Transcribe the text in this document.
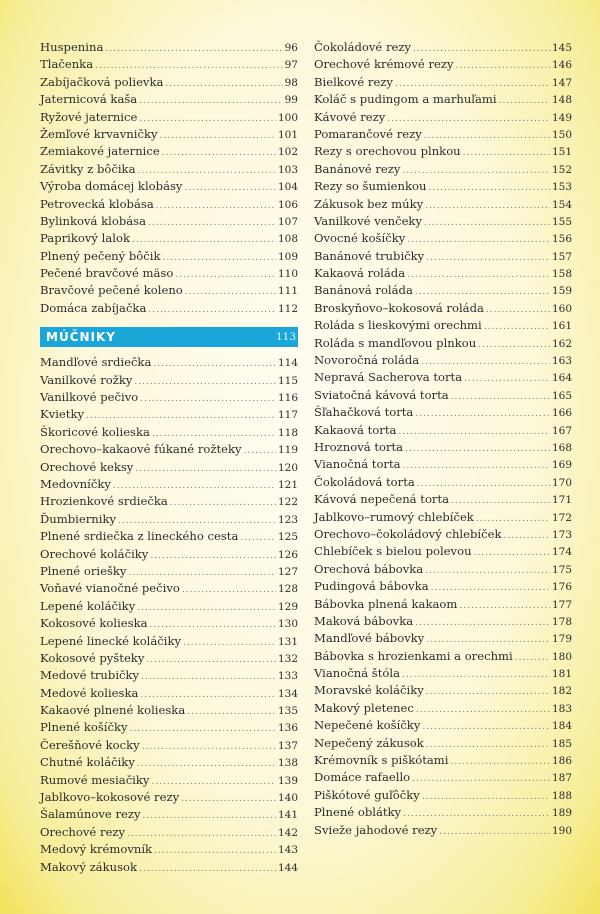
Huspenina .....	96
Tlačenka .....	97
Zabíjačková polievka .....	98
Jaternicová kaša .....	99
Ryžové jaternice .....	100
Žemľové krvavničky .....	101
Zemiakové jaternice .....	102
Závitky z bôčika .....	103
Výroba domácej klobásy .....	104
Petrovecká klobása .....	106
Bylinková klobása .....	107
Paprikový lalok .....	108
Plnený pečený bôčik .....	109
Pečené bravčové mäso .....	110
Bravčové pečené koleno .....	111
Domáca zabíjačka .....	112
MÚČNIKY	113
Mandľové srdiečka .....	114
Vanilkové rožky .....	115
Vanilkové pečivo .....	116
Kvietky .....	117
Škoricové kolieska .....	118
Orechovo–kakaové fúkané rožteky .....	119
Orechové keksy .....	120
Medovníčky .....	121
Hrozienkové srdiečka .....	122
Ďumbierniky .....	123
Plnené srdiečka z lineckého cesta .....	125
Orechové koláčiky .....	126
Plnené oriešky .....	127
Voňavé vianočné pečivo .....	128
Lepené koláčiky .....	129
Kokosové kolieska .....	130
Lepené linecké koláčiky .....	131
Kokosové pyšteky .....	132
Medové trubičky .....	133
Medové kolieska .....	134
Kakaové plnené kolieska .....	135
Plnené košíčky .....	136
Čerešňové kocky .....	137
Chutné koláčiky .....	138
Rumové mesiačiky .....	139
Jablkovo–kokosové rezy .....	140
Šalamúnove rezy .....	141
Orechové rezy .....	142
Medový krémovník .....	143
Makový zákusok .....	144
Čokoládové rezy .....	145
Orechové krémové rezy .....	146
Bielkové rezy .....	147
Koláč s pudingom a marhuľami .....	148
Kávové rezy .....	149
Pomarančové rezy .....	150
Rezy s orechovou plnkou .....	151
Banánové rezy .....	152
Rezy so šumienkou .....	153
Zákusok bez múky .....	154
Vanilkové venčeky .....	155
Ovocné košíčky .....	156
Banánové trubičky .....	157
Kakaová roláda .....	158
Banánová roláda .....	159
Broskyňovo–kokosová roláda .....	160
Roláda s lieskovými orechmi .....	161
Roláda s mandľovou plnkou .....	162
Novoročná roláda .....	163
Nepravá Sacherova torta .....	164
Sviatočná kávová torta .....	165
Šľahačková torta .....	166
Kakaová torta .....	167
Hroznová torta .....	168
Vianočná torta .....	169
Čokoládová torta .....	170
Kávová nepečená torta .....	171
Jablkovo–rumový chlebíček .....	172
Orechovo–čokoládový chlebíček .....	173
Chlebíček s bielou polevou .....	174
Orechová bábovka .....	175
Pudingová bábovka .....	176
Bábovka plnená kakaom .....	177
Maková bábovka .....	178
Mandľové bábovky .....	179
Bábovka s hrozienkami a orechmi .....	180
Vianočná štóla .....	181
Moravské koláčiky .....	182
Makový pletenec .....	183
Nepečené košíčky .....	184
Nepečený zákusok .....	185
Krémovník s piškótami .....	186
Domáce rafaello .....	187
Piškótové guľôčky .....	188
Plnené oblátky .....	189
Svieže jahodové rezy .....	190
